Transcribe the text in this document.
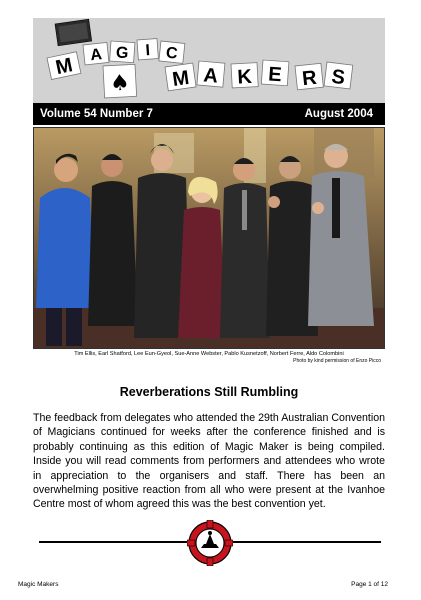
M A G I C
♠ M A K E R S
Volume 54 Number 7	August 2004
Tim Ellis, Earl Shatford, Lee Eun-Gyeol, Sue-Anne Webster, Pablo Kusnetzoff, Norbert Ferre, Aldo Colombini
Photo by kind permission of Enzo Picco
Reverberations Still Rumbling
The feedback from delegates who attended the 29th Australian Convention of Magicians continued for weeks after the conference finished and is probably continuing as this edition of Magic Maker is being compiled. Inside you will read comments from performers and attendees who wrote in appreciation to the organisers and staff. There has been an overwhelming positive reaction from all who were present at the Ivanhoe Centre most of whom agreed this was the best convention yet.
Magic Makers	Page 1 of 12
